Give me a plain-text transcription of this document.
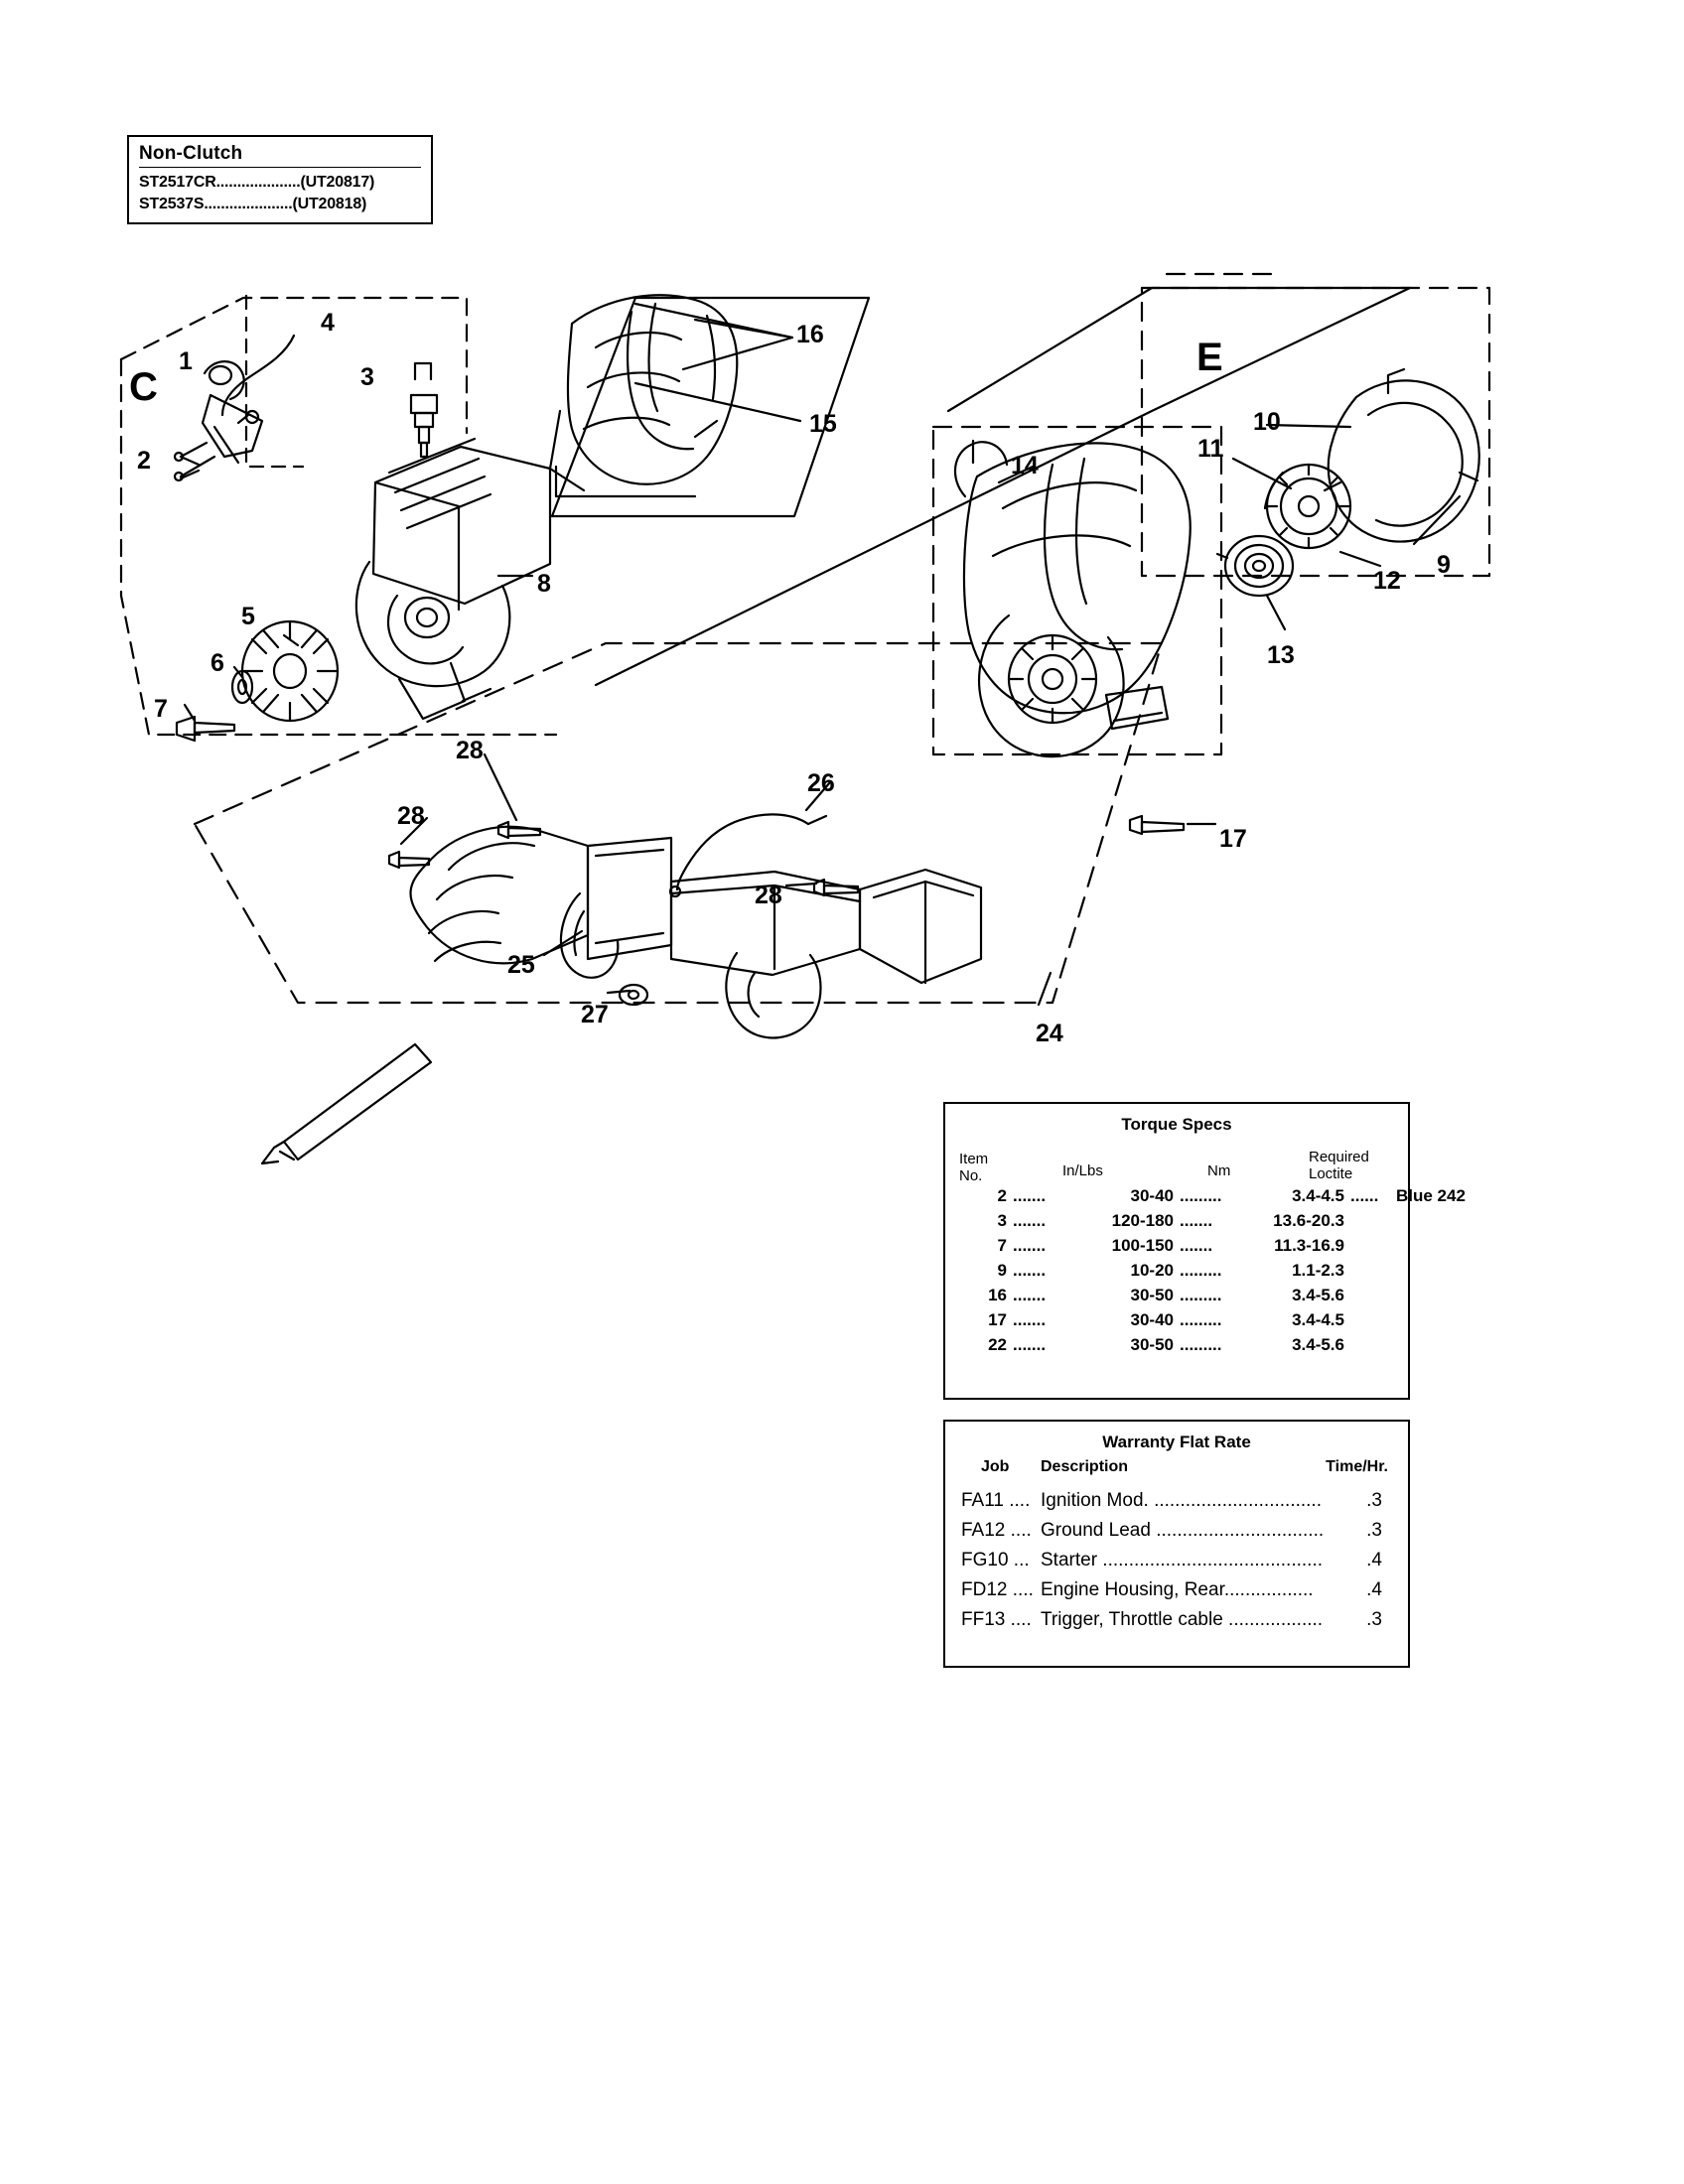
Non-Clutch
ST2517CR....................(UT20817)
ST2537S.....................(UT20818)
C
E
1
2
3
4
5
6
7
8
9
10
11
12
13
14
15
16
17
24
25
26
27
28
28
28
Torque Specs
Item
No.	In/Lbs	Nm
Required
Loctite
2 .......	30-40 .........	3.4-4.5 ...... Blue 242
3 .......	120-180 .......	13.6-20.3
7 .......	100-150 .......	11.3-16.9
9 .......	10-20 .........	1.1-2.3
16 .......	30-50 .........	3.4-5.6
17 .......	30-40 .........	3.4-4.5
22 .......	30-50 .........	3.4-5.6
Warranty Flat Rate
Job Description	Time/Hr.
FA11 .... Ignition Mod. ................................ .3
FA12 .... Ground Lead ................................ .3
FG10 ... Starter .......................................... .4
FD12 .... Engine Housing, Rear.................	.4
FF13 .... Trigger, Throttle cable .................. .3
